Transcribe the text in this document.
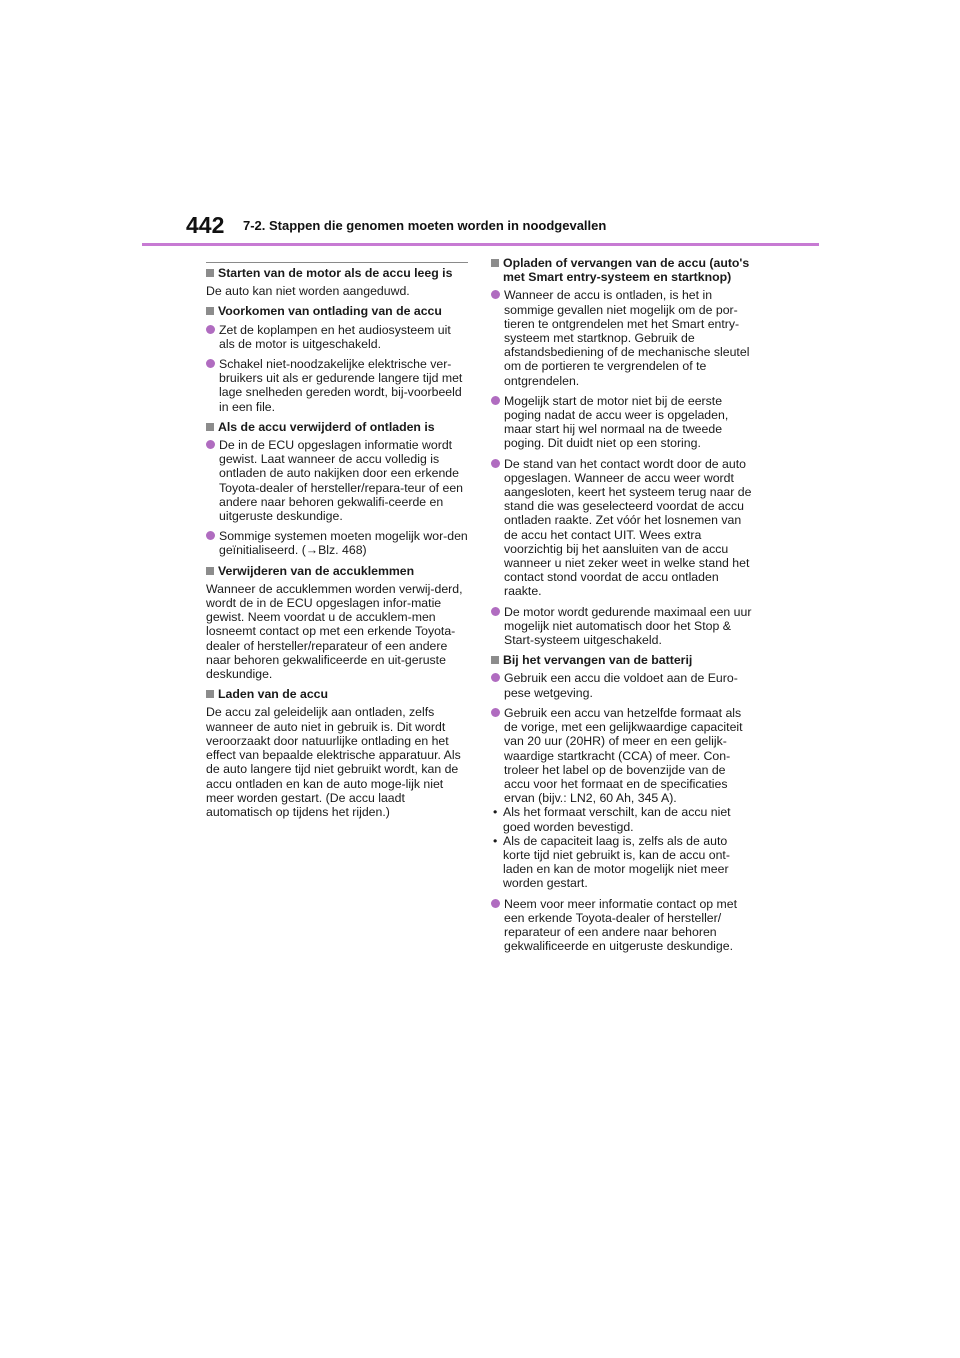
442 7-2. Stappen die genomen moeten worden in noodgevallen
Starten van de motor als de accu leeg is

De auto kan niet worden aangeduwd.

Voorkomen van ontlading van de accu
Zet de koplampen en het audiosysteem uit als de motor is uitgeschakeld.
Schakel niet-noodzakelijke elektrische ver-bruikers uit als er gedurende langere tijd met lage snelheden gereden wordt, bij-voorbeeld in een file.
Als de accu verwijderd of ontladen is
De in de ECU opgeslagen informatie wordt gewist. Laat wanneer de accu volledig is ontladen de auto nakijken door een erkende Toyota-dealer of hersteller/repara-teur of een andere naar behoren gekwalifi-ceerde en uitgeruste deskundige.
Sommige systemen moeten mogelijk wor-den geïnitialiseerd. (→Blz. 468)
Verwijderen van de accuklemmen

Wanneer de accuklemmen worden verwij-derd, wordt de in de ECU opgeslagen infor-matie gewist. Neem voordat u de accuklem-men losneemt contact op met een erkende Toyota-dealer of hersteller/reparateur of een andere naar behoren gekwalificeerde en uit-geruste deskundige.

Laden van de accu

De accu zal geleidelijk aan ontladen, zelfs wanneer de auto niet in gebruik is. Dit wordt veroorzaakt door natuurlijke ontlading en het effect van bepaalde elektrische apparatuur. Als de auto langere tijd niet gebruikt wordt, kan de accu ontladen en kan de auto moge-lijk niet meer worden gestart. (De accu laadt automatisch op tijdens het rijden.)

Opladen of vervangen van de accu (auto's met Smart entry-systeem en startknop)
Wanneer de accu is ontladen, is het in sommige gevallen niet mogelijk om de por-tieren te ontgrendelen met het Smart entry-systeem met startknop. Gebruik de afstandsbediening of de mechanische sleutel om de portieren te vergrendelen of te ontgrendelen.
Mogelijk start de motor niet bij de eerste poging nadat de accu weer is opgeladen, maar start hij wel normaal na de tweede poging. Dit duidt niet op een storing.
De stand van het contact wordt door de auto opgeslagen. Wanneer de accu weer wordt aangesloten, keert het systeem terug naar de stand die was geselecteerd voordat de accu ontladen raakte. Zet vóór het losnemen van de accu het contact UIT. Wees extra voorzichtig bij het aansluiten van de accu wanneer u niet zeker weet in welke stand het contact stond voordat de accu ontladen raakte.
De motor wordt gedurende maximaal een uur mogelijk niet automatisch door het Stop & Start-systeem uitgeschakeld.
Bij het vervangen van de batterij
Gebruik een accu die voldoet aan de Euro-pese wetgeving.
Gebruik een accu van hetzelfde formaat als de vorige, met een gelijkwaardige capaciteit van 20 uur (20HR) of meer en een gelijk-waardige startkracht (CCA) of meer. Con-troleer het label op de bovenzijde van de accu voor het formaat en de specificaties ervan (bijv.: LN2, 60 Ah, 345 A).
• Als het formaat verschilt, kan de accu niet goed worden bevestigd.
• Als de capaciteit laag is, zelfs als de auto korte tijd niet gebruikt is, kan de accu ont-laden en kan de motor mogelijk niet meer worden gestart.
Neem voor meer informatie contact op met een erkende Toyota-dealer of hersteller/ reparateur of een andere naar behoren gekwalificeerde en uitgeruste deskundige.
